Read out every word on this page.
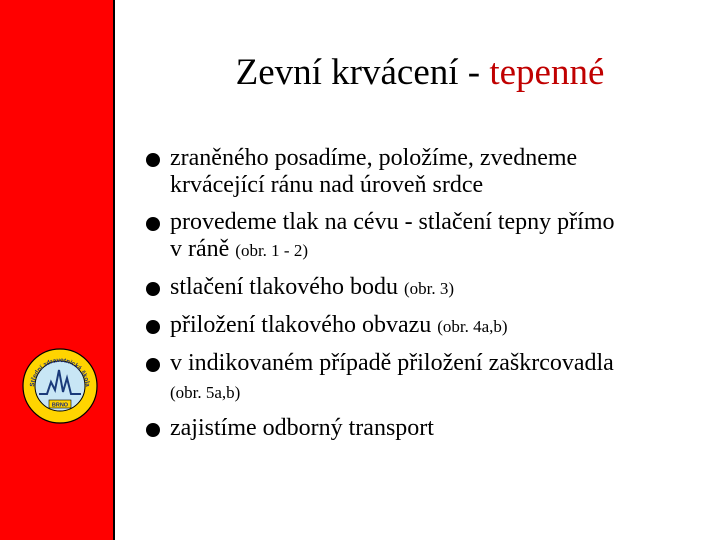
Střední zdravotnická škola
BRNO
Zevní krvácení - tepenné
zraněného posadíme, položíme, zvedneme
krvácející ránu nad úroveň srdce
provedeme tlak na cévu - stlačení tepny přímo
v ráně (obr. 1 - 2)
stlačení tlakového bodu (obr. 3)
přiložení tlakového obvazu (obr. 4a,b)
v indikovaném případě přiložení zaškrcovadla
(obr. 5a,b)
zajistíme odborný transport
